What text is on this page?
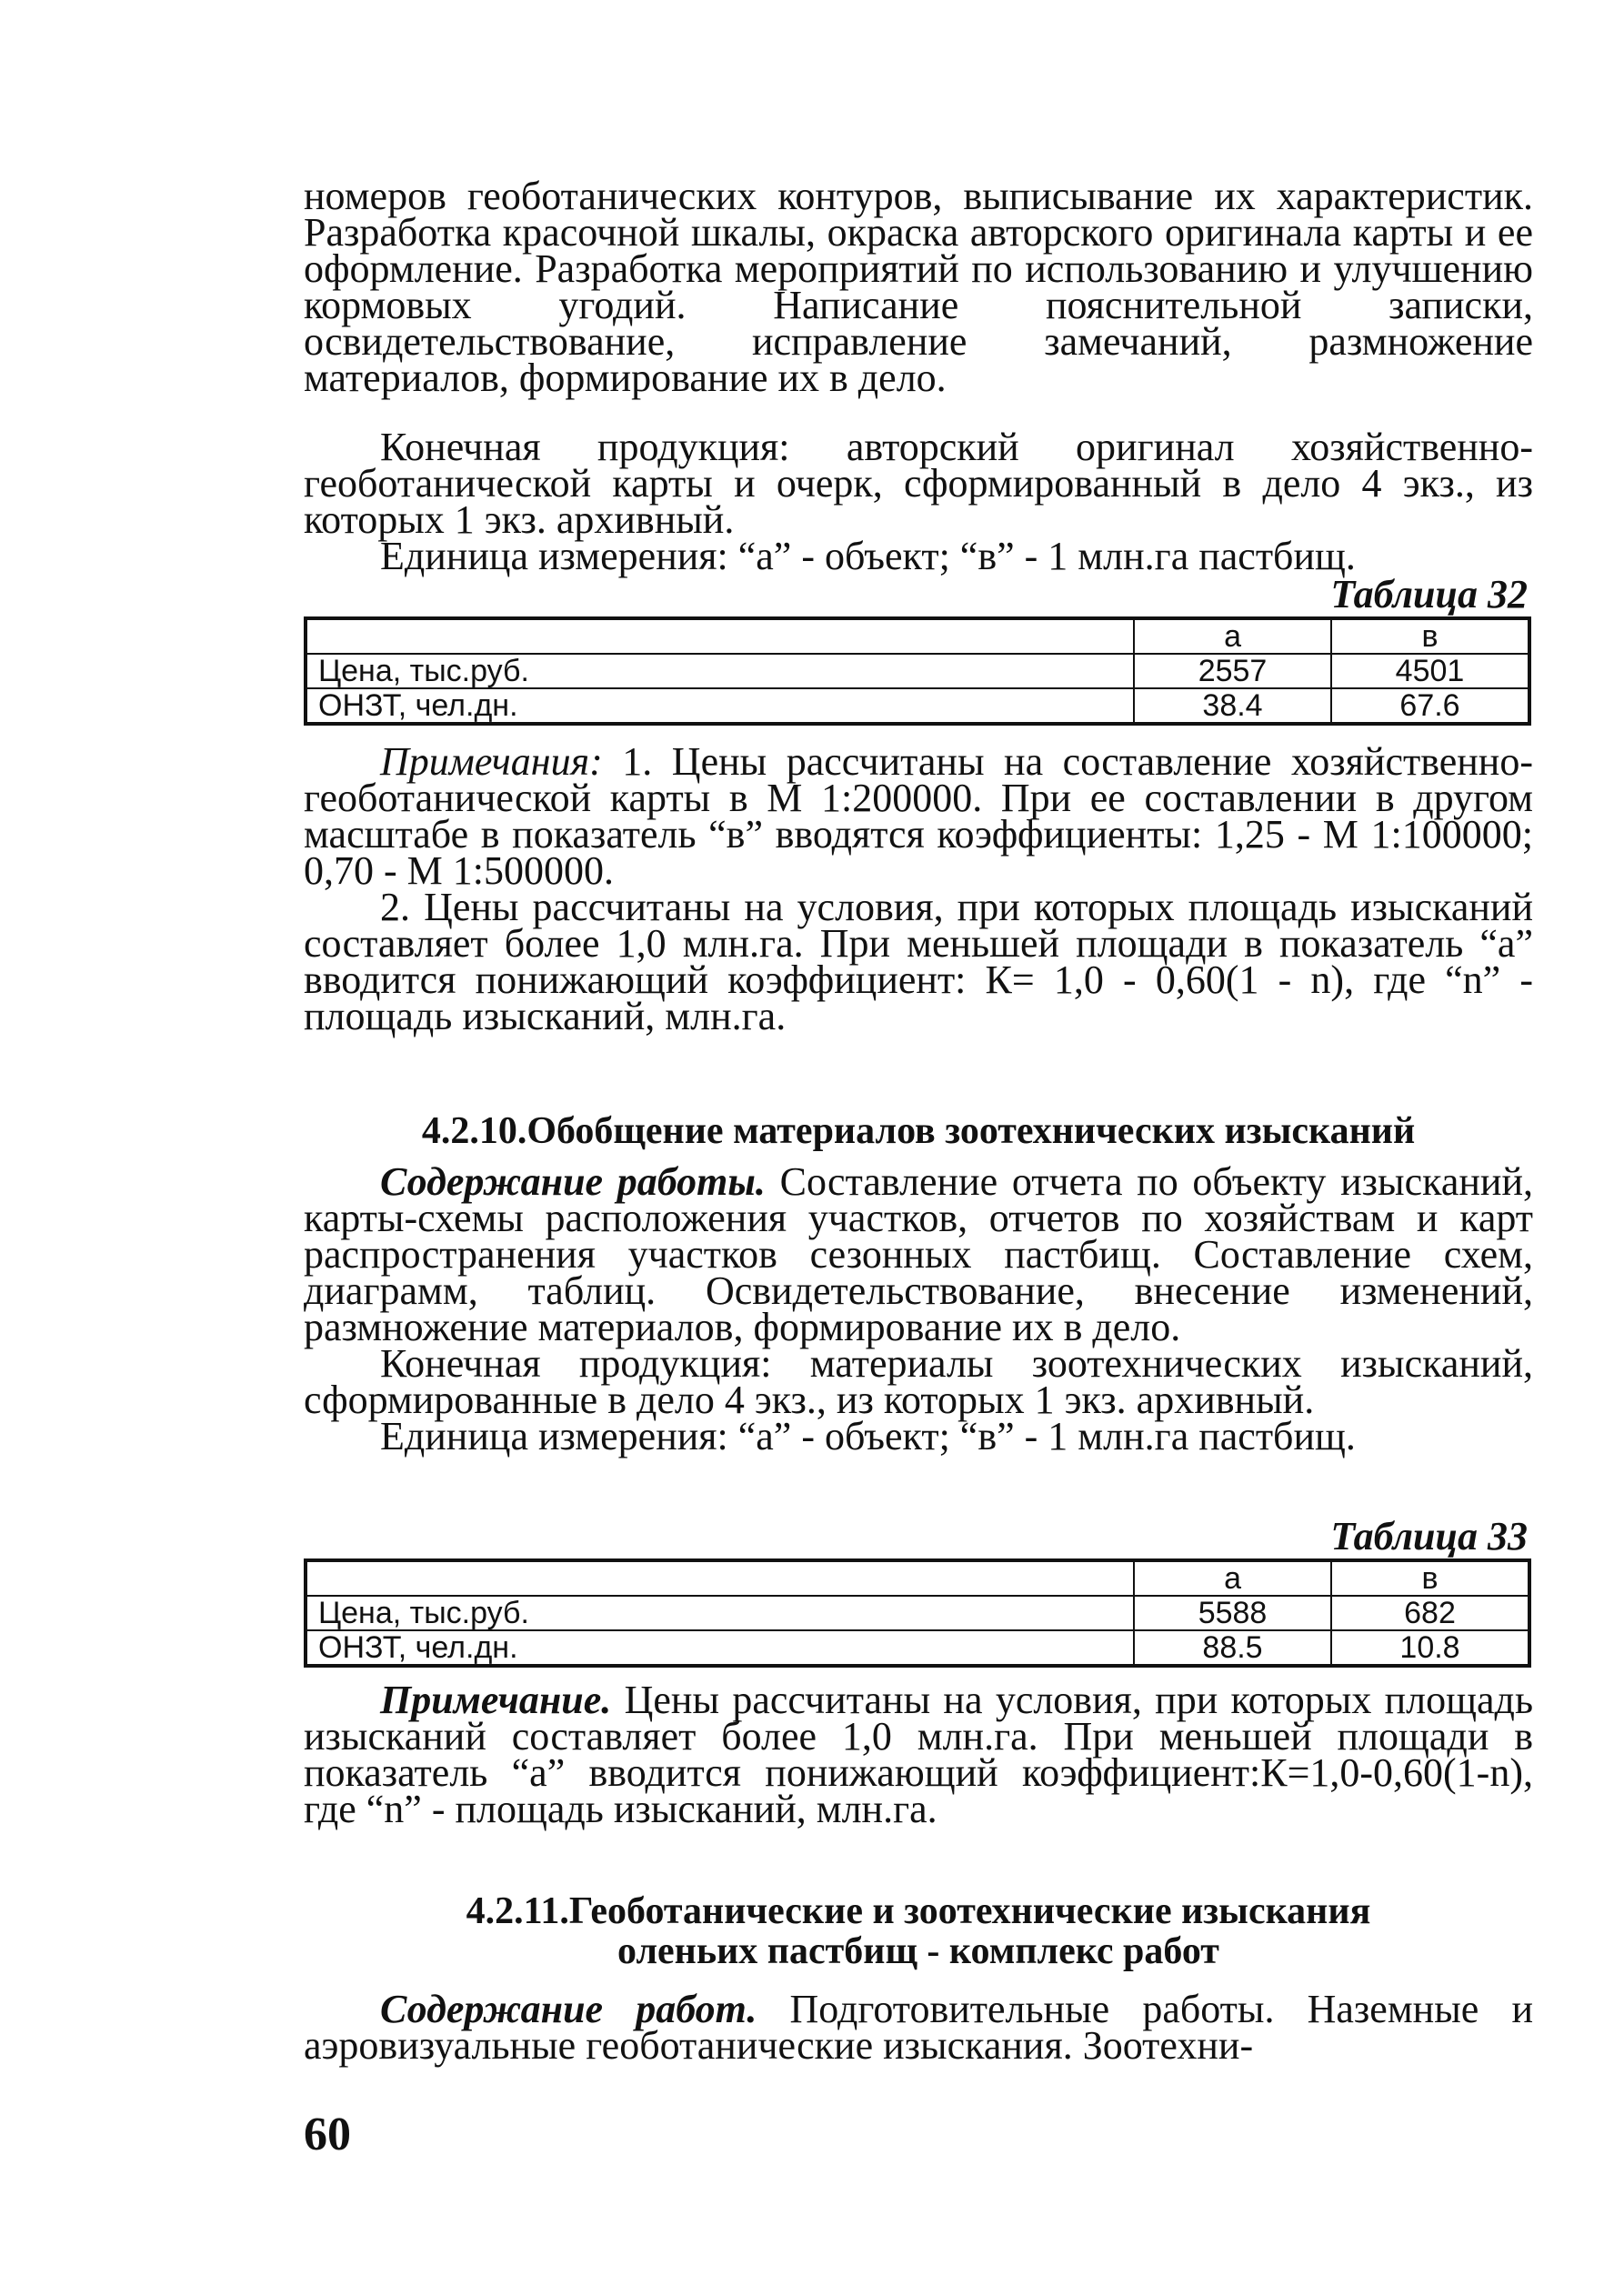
номеров геоботанических контуров, выписывание их характеристик. Разработка красочной шкалы, окраска авторского оригинала карты и ее оформление. Разработка мероприятий по использованию и улучшению кормовых угодий. Написание пояснительной записки, освидетельствование, исправление замечаний, размножение материалов, формирование их в дело.

Конечная продукция: авторский оригинал хозяйственно-геоботанической карты и очерк, сформированный в дело 4 экз., из которых 1 экз. архивный.

Единица измерения: “а” - объект; “в” - 1 млн.га пастбищ.

Таблица 32
	а	в
Цена, тыс.руб.	2557	4501
ОНЗТ, чел.дн.	38.4	67.6

Примечания: 1. Цены рассчитаны на составление хозяйственно-геоботанической карты в М 1:200000. При ее составлении в другом масштабе в показатель “в” вводятся коэффициенты: 1,25 - М 1:100000; 0,70 - М 1:500000.

2. Цены рассчитаны на условия, при которых площадь изысканий составляет более 1,0 млн.га. При меньшей площади в показатель “а” вводится понижающий коэффициент: К= 1,0 - 0,60(1 - n), где “n” - площадь изысканий, млн.га.

4.2.10.Обобщение материалов зоотехнических изысканий

Содержание работы. Составление отчета по объекту изысканий, карты-схемы расположения участков, отчетов по хозяйствам и карт распространения участков сезонных пастбищ. Составление схем, диаграмм, таблиц. Освидетельствование, внесение изменений, размножение материалов, формирование их в дело.

Конечная продукция: материалы зоотехнических изысканий, сформированные в дело 4 экз., из которых 1 экз. архивный.

Единица измерения: “а” - объект; “в” - 1 млн.га пастбищ.

Таблица 33
	а	в
Цена, тыс.руб.	5588	682
ОНЗТ, чел.дн.	88.5	10.8

Примечание. Цены рассчитаны на условия, при которых площадь изысканий составляет более 1,0 млн.га. При меньшей площади в показатель “а” вводится понижающий коэффициент:К=1,0-0,60(1-n), где “n” - площадь изысканий, млн.га.

4.2.11.Геоботанические и зоотехнические изыскания
оленьих пастбищ - комплекс работ

Содержание работ. Подготовительные работы. Наземные и аэровизуальные геоботанические изыскания. Зоотехни-

60
